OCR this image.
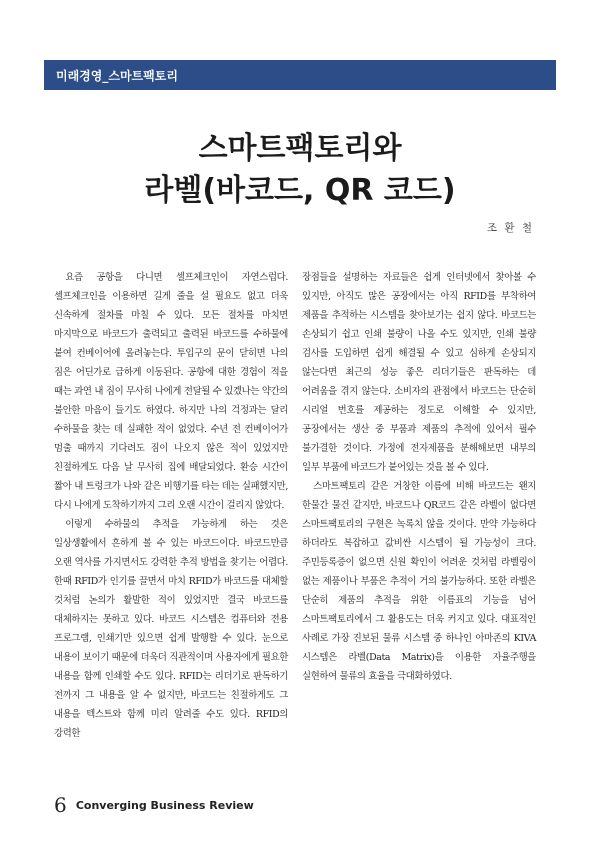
미래경영_스마트팩토리
스마트팩토리와
라벨(바코드, QR 코드)
조 환 철

요즘 공항을 다니면 셀프체크인이 자연스럽다. 셀프체크인을 이용하면 길게 줄을 설 필요도 없고 더욱 신속하게 절차를 마칠 수 있다. 모든 절차를 마치면 마지막으로 바코드가 출력되고 출력된 바코드를 수하물에 붙여 컨베이어에 올려놓는다. 투입구의 문이 닫히면 나의 짐은 어딘가로 급하게 이동된다. 공항에 대한 경험이 적을 때는 과연 내 짐이 무사히 나에게 전달될 수 있겠나는 약간의 불안한 마음이 들기도 하였다. 하지만 나의 걱정과는 달리 수하물을 찾는 데 실패한 적이 없었다. 수년 전 컨베이어가 멈출 때까지 기다려도 짐이 나오지 않은 적이 있었지만 친절하게도 다음 날 무사히 집에 배달되었다. 환승 시간이 짧아 내 트렁크가 나와 같은 비행기를 타는 데는 실패했지만, 다시 나에게 도착하기까지 그리 오랜 시간이 걸리지 않았다.

이렇게 수하물의 추적을 가능하게 하는 것은 일상생활에서 흔하게 볼 수 있는 바코드이다. 바코드만큼 오랜 역사를 가지면서도 강력한 추적 방법을 찾기는 어렵다. 한때 RFID가 인기를 끌면서 마치 RFID가 바코드를 대체할 것처럼 논의가 활발한 적이 있었지만 결국 바코드를 대체하지는 못하고 있다. 바코드 시스템은 컴퓨터와 전용 프로그램, 인쇄기만 있으면 쉽게 발행할 수 있다. 눈으로 내용이 보이기 때문에 더욱더 직관적이며 사용자에게 필요한 내용을 함께 인쇄할 수도 있다. RFID는 리더기로 판독하기 전까지 그 내용을 알 수 없지만, 바코드는 친절하게도 그 내용을 텍스트와 함께 미리 알려줄 수도 있다. RFID의 강력한

장점들을 설명하는 자료들은 쉽게 인터넷에서 찾아볼 수 있지만, 아직도 많은 공장에서는 아직 RFID를 부착하여 제품을 추적하는 시스템을 찾아보기는 쉽지 않다. 바코드는 손상되기 쉽고 인쇄 불량이 나올 수도 있지만, 인쇄 불량 검사를 도입하면 쉽게 해결될 수 있고 심하게 손상되지 않는다면 최근의 성능 좋은 리더기들은 판독하는 데 어려움을 겪지 않는다. 소비자의 관점에서 바코드는 단순히 시리얼 번호를 제공하는 정도로 이해할 수 있지만, 공장에서는 생산 중 부품과 제품의 추적에 있어서 필수 불가결한 것이다. 가정에 전자제품을 분해해보면 내부의 일부 부품에 바코드가 붙어있는 것을 볼 수 있다.

스마트팩토리 같은 거창한 이름에 비해 바코드는 왠지 한물간 물건 같지만, 바코드나 QR코드 같은 라벨이 없다면 스마트팩토리의 구현은 녹록치 않을 것이다. 만약 가능하다 하더라도 복잡하고 값비싼 시스템이 될 가능성이 크다. 주민등록증이 없으면 신원 확인이 어려운 것처럼 라벨링이 없는 제품이나 부품은 추적이 거의 불가능하다. 또한 라벨은 단순히 제품의 추적을 위한 이름표의 기능을 넘어 스마트팩토리에서 그 활용도는 더욱 커지고 있다. 대표적인 사례로 가장 진보된 물류 시스템 중 하나인 아마존의 KIVA 시스템은 라벨(Data Matrix)을 이용한 자율주행을 실현하여 물류의 효율을 극대화하였다.

6 Converging Business Review
